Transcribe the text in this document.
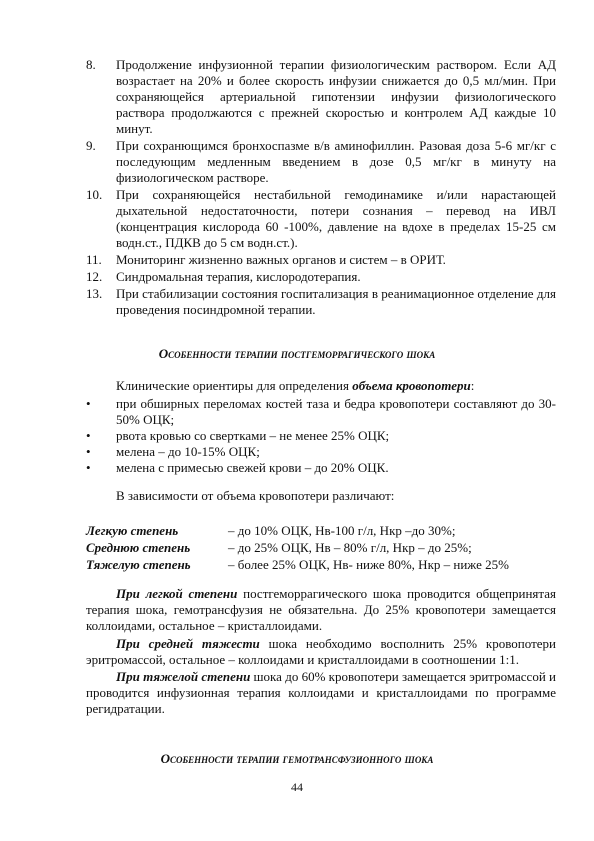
8.	Продолжение инфузионной терапии физиологическим раствором. Если АД возрастает на 20% и более скорость инфузии снижается до 0,5 мл/мин. При сохраняющейся артериальной гипотензии инфузии физиологического раствора продолжаются с прежней скоростью и контролем АД каждые 10 минут.
9.	При сохранющимся бронхоспазме в/в аминофиллин. Разовая доза 5-6 мг/кг с последующим медленным введением в дозе 0,5 мг/кг в минуту на физиологическом растворе.
10.	При сохраняющейся нестабильной гемодинамике и/или нарастающей дыхательной недостаточности, потери сознания – перевод на ИВЛ (концентрация кислорода 60 -100%, давление на вдохе в пределах 15-25 см водн.ст., ПДКВ до 5 см водн.ст.).
11.	Мониторинг жизненно важных органов и систем – в ОРИТ.
12.	Синдромальная терапия, кислородотерапия.
13.	При стабилизации состояния госпитализация в реанимационное отделение для проведения посиндромной терапии.
Особенности терапии постгеморрагического шока
Клинические ориентиры для определения объема кровопотери:
•	при обширных переломах костей таза и бедра кровопотери составляют до 30-50% ОЦК;
•	рвота кровью со свертками – не менее 25% ОЦК;
•	мелена – до 10-15% ОЦК;
•	мелена с примесью свежей крови – до 20% ОЦК.
В зависимости от объема кровопотери различают:
Легкую степень	– до 10% ОЦК, Нв-100 г/л, Нкр –до 30%;
Среднюю степень	– до 25% ОЦК, Нв – 80% г/л, Нкр – до 25%;
Тяжелую степень	– более 25% ОЦК, Нв- ниже 80%, Нкр – ниже 25%
При легкой степени постгеморрагического шока проводится общепринятая терапия шока, гемотрансфузия не обязательна. До 25% кровопотери замещается коллоидами, остальное – кристаллоидами.
При средней тяжести шока необходимо восполнить 25% кровопотери эритромассой, остальное – коллоидами и кристаллоидами в соотношении 1:1.
При тяжелой степени шока до 60% кровопотери замещается эритромассой и проводится инфузионная терапия коллоидами и кристаллоидами по программе регидратации.
Особенности терапии гемотрансфузионного шока
44
